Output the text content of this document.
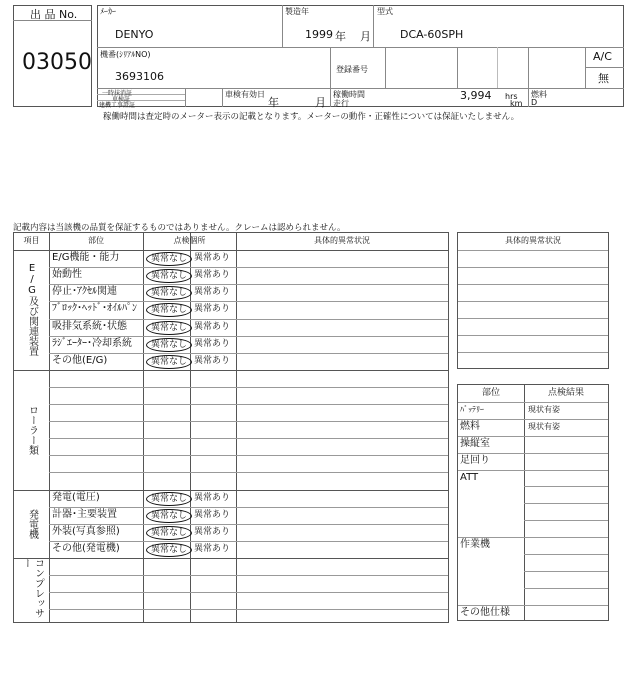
出 品 No.
03050
ﾒｰｶｰ
DENYO
製造年
1999 年 月
型式
DCA-60SPH
機番(ｼﾘｱﾙNO)
3693106
登録番号
A/C
無
一時抹消証
車検証
建機工事證証
車検有効日
年	月
稼働時間	3,994 hrs
走行	km
燃料
D
稼働時間は査定時のメーター表示の記載となります。メーターの動作・正確性については保証いたしません。
記載内容は当該機の品質を保証するものではありません。クレームは認められません。
項目	部位	点検個所	具体的異常状況
E/G及び関連装置
E/G機能・能力	異常なし 異常あり
始動性	異常なし 異常あり
停止･ｱｸｾﾙ関連	異常なし 異常あり
ﾌﾞﾛｯｸ･ﾍｯﾄﾞ･ｵｲﾙﾊﾟﾝ	異常なし 異常あり
吸排気系統･状態	異常なし 異常あり
ﾗｼﾞｴｰﾀｰ･冷却系統	異常なし 異常あり
その他(E/G)	異常なし 異常あり
ローラー類
発電機
発電(電圧)	異常なし 異常あり
計器･主要装置	異常なし 異常あり
外装(写真参照)	異常なし 異常あり
その他(発電機)	異常なし 異常あり
コンプレッサー
具体的異常状況
部位	点検結果
ﾊﾞｯﾃﾘｰ	現状有姿
燃料	現状有姿
操縦室
足回り
ATT
作業機
その他仕様
